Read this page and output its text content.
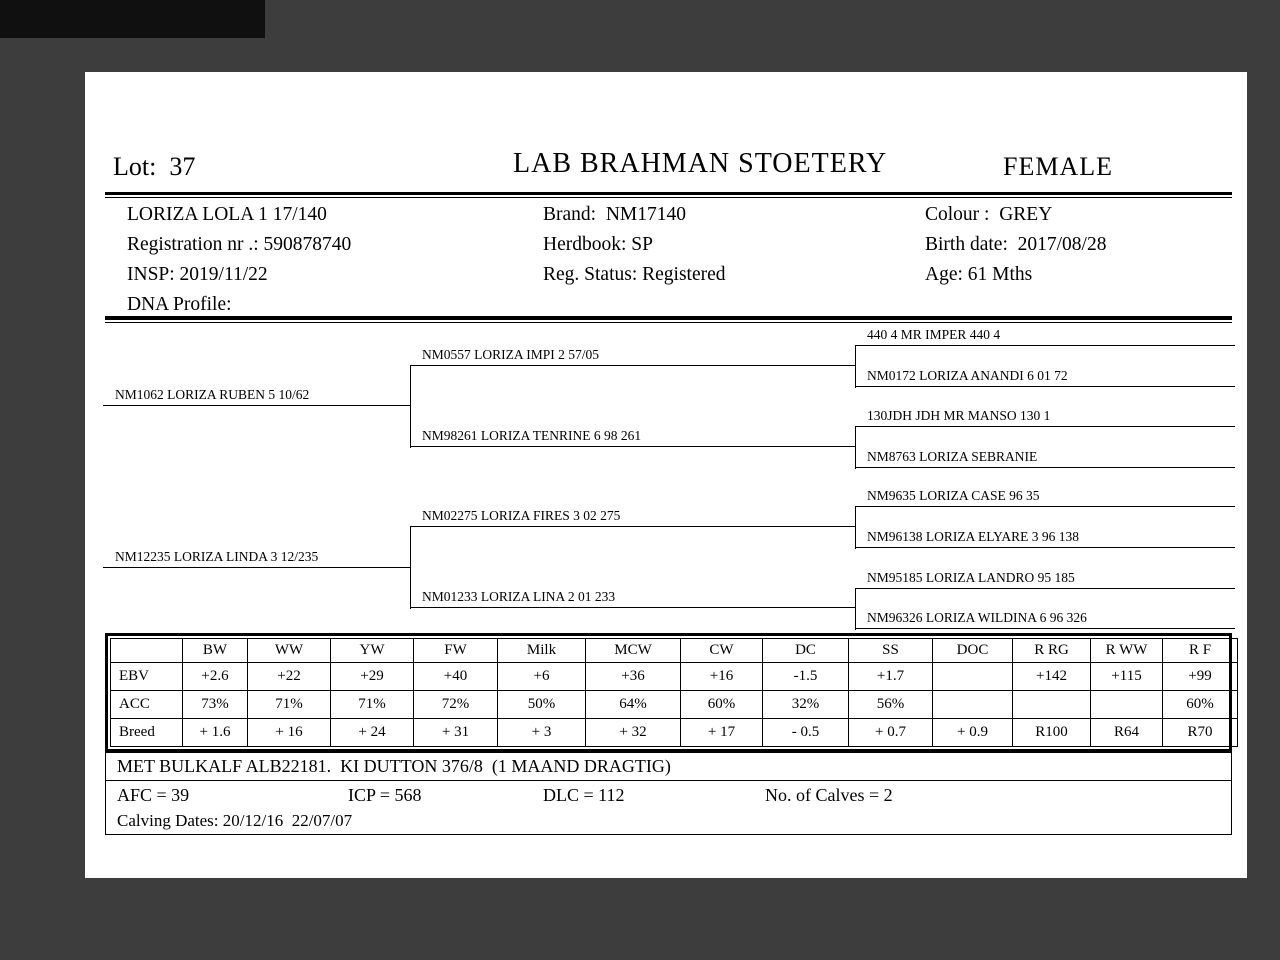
Lot:  37	LAB BRAHMAN STOETERY	FEMALE
LORIZA LOLA 1 17/140
Registration nr .: 590878740
INSP: 2019/11/22
DNA Profile:
Brand:  NM17140
Herdbook: SP
Reg. Status: Registered
Colour :  GREY
Birth date:  2017/08/28
Age: 61 Mths
NM1062 LORIZA RUBEN 5 10/62
NM12235 LORIZA LINDA 3 12/235
NM0557 LORIZA IMPI 2 57/05
NM98261 LORIZA TENRINE 6 98 261
NM02275 LORIZA FIRES 3 02 275
NM01233 LORIZA LINA 2 01 233
440 4 MR IMPER 440 4
NM0172 LORIZA ANANDI 6 01 72
130JDH JDH MR MANSO 130 1
NM8763 LORIZA SEBRANIE
NM9635 LORIZA CASE 96 35
NM96138 LORIZA ELYARE 3 96 138
NM95185 LORIZA LANDRO 95 185
NM96326 LORIZA WILDINA 6 96 326
	BW	WW	YW	FW	Milk	MCW	CW	DC	SS	DOC	R RG	R WW	R F
EBV	+2.6	+22	+29	+40	+6	+36	+16	-1.5	+1.7		+142	+115	+99
ACC	73%	71%	71%	72%	50%	64%	60%	32%	56%				60%
Breed	+ 1.6	+ 16	+ 24	+ 31	+ 3	+ 32	+ 17	- 0.5	+ 0.7	+ 0.9	R100	R64	R70
MET BULKALF ALB22181.  KI DUTTON 376/8  (1 MAAND DRAGTIG)
AFC = 39	ICP = 568	DLC = 112	No. of Calves = 2
Calving Dates: 20/12/16  22/07/07
